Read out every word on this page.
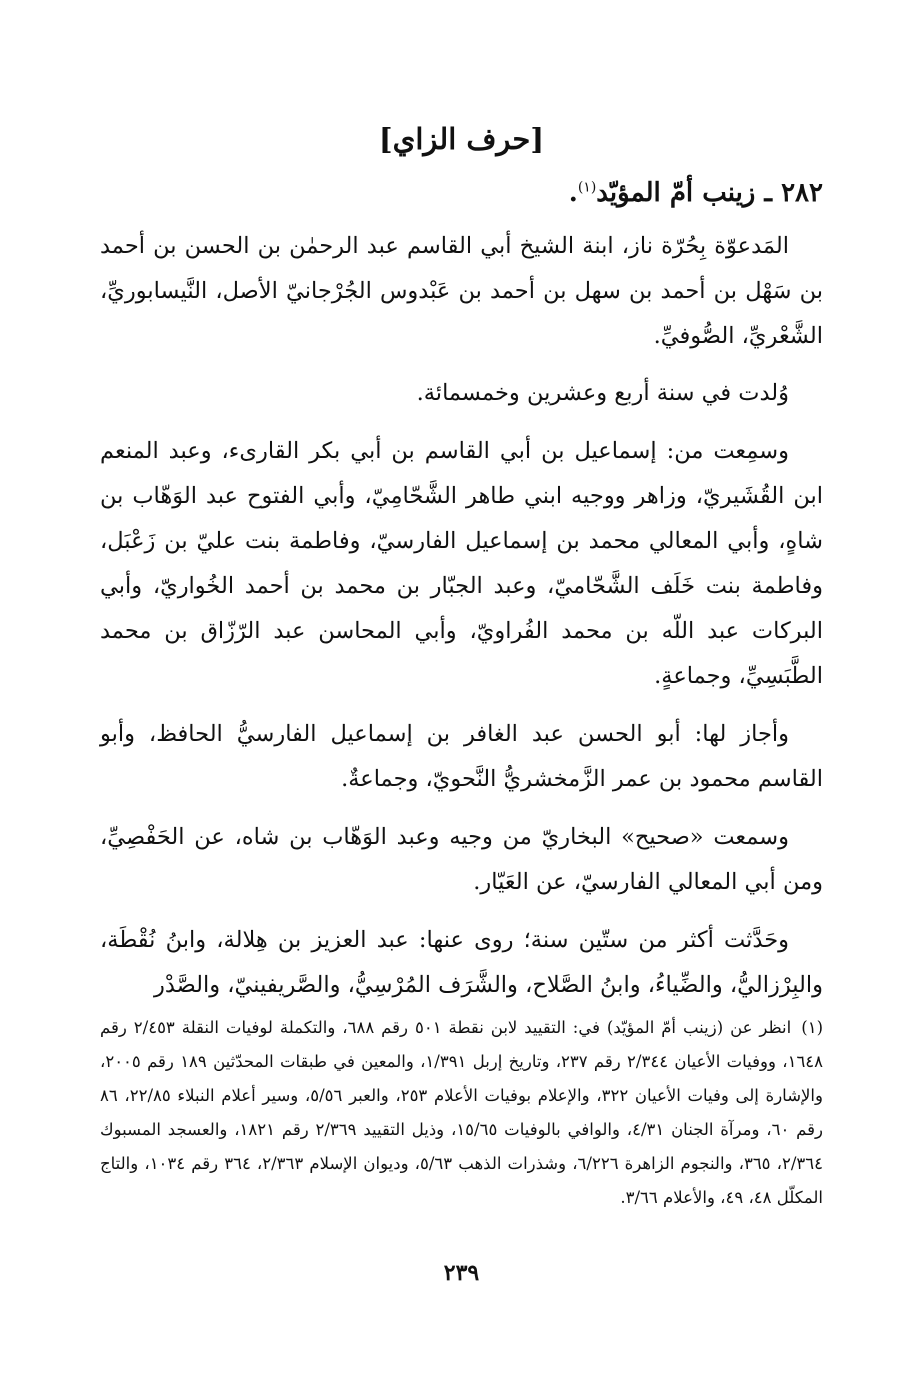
[حرف الزاي]
٢٨٢ ـ زينب أمّ المؤيّد$^{(١)}$.

المَدعوّة بِحُرّة ناز، ابنة الشيخ أبي القاسم عبد الرحمٰن بن الحسن بن أحمد بن سَهْل بن أحمد بن سهل بن أحمد بن عَبْدوس الجُرْجانيّ الأصل، النَّيسابوريِّ، الشَّعْريِّ، الصُّوفيِّ.

وُلدت في سنة أربع وعشرين وخمسمائة.

وسمِعت من: إسماعيل بن أبي القاسم بن أبي بكر القارىء، وعبد المنعم ابن القُشَيريّ، وزاهر ووجيه ابني طاهر الشَّحّامِيّ، وأبي الفتوح عبد الوَهّاب بن شاهٍ، وأبي المعالي محمد بن إسماعيل الفارسيّ، وفاطمة بنت عليّ بن زَعْبَل، وفاطمة بنت خَلَف الشَّحّاميّ، وعبد الجبّار بن محمد بن أحمد الخُواريّ، وأبي البركات عبد اللّه بن محمد الفُراويّ، وأبي المحاسن عبد الرّزّاق بن محمد الطَّبَسِيِّ، وجماعةٍ.

وأجاز لها: أبو الحسن عبد الغافر بن إسماعيل الفارسيُّ الحافظ، وأبو القاسم محمود بن عمر الزَّمخشريُّ النَّحويّ، وجماعةٌ.

وسمعت «صحيح» البخاريّ من وجيه وعبد الوَهّاب بن شاه، عن الحَفْصِيِّ، ومن أبي المعالي الفارسيّ، عن العَيّار.

وحَدَّثت أكثر من ستّين سنة؛ روى عنها: عبد العزيز بن هِلالة، وابنُ نُقْطَة، والبِرْزاليُّ، والضِّياءُ، وابنُ الصَّلاح، والشَّرَف المُرْسِيُّ، والصَّريفينيّ، والصَّدْر

(١)انظر عن (زينب أمّ المؤيّد) في: التقييد لابن نقطة ٥٠١ رقم ٦٨٨، والتكملة لوفيات النقلة ٢/٤٥٣ رقم ١٦٤٨، ووفيات الأعيان ٢/٣٤٤ رقم ٢٣٧، وتاريخ إربل ١/٣٩١، والمعين في طبقات المحدّثين ١٨٩ رقم ٢٠٠٥، والإشارة إلى وفيات الأعيان ٣٢٢، والإعلام بوفيات الأعلام ٢٥٣، والعبر ٥/٥٦، وسير أعلام النبلاء ٢٢/٨٥، ٨٦ رقم ٦٠، ومرآة الجنان ٤/٣١، والوافي بالوفيات ١٥/٦٥، وذيل التقييد ٢/٣٦٩ رقم ١٨٢١، والعسجد المسبوك ٢/٣٦٤، ٣٦٥، والنجوم الزاهرة ٦/٢٢٦، وشذرات الذهب ٥/٦٣، وديوان الإسلام ٢/٣٦٣، ٣٦٤ رقم ١٠٣٤، والتاج المكلّل ٤٨، ٤٩، والأعلام ٣/٦٦.
٢٣٩
